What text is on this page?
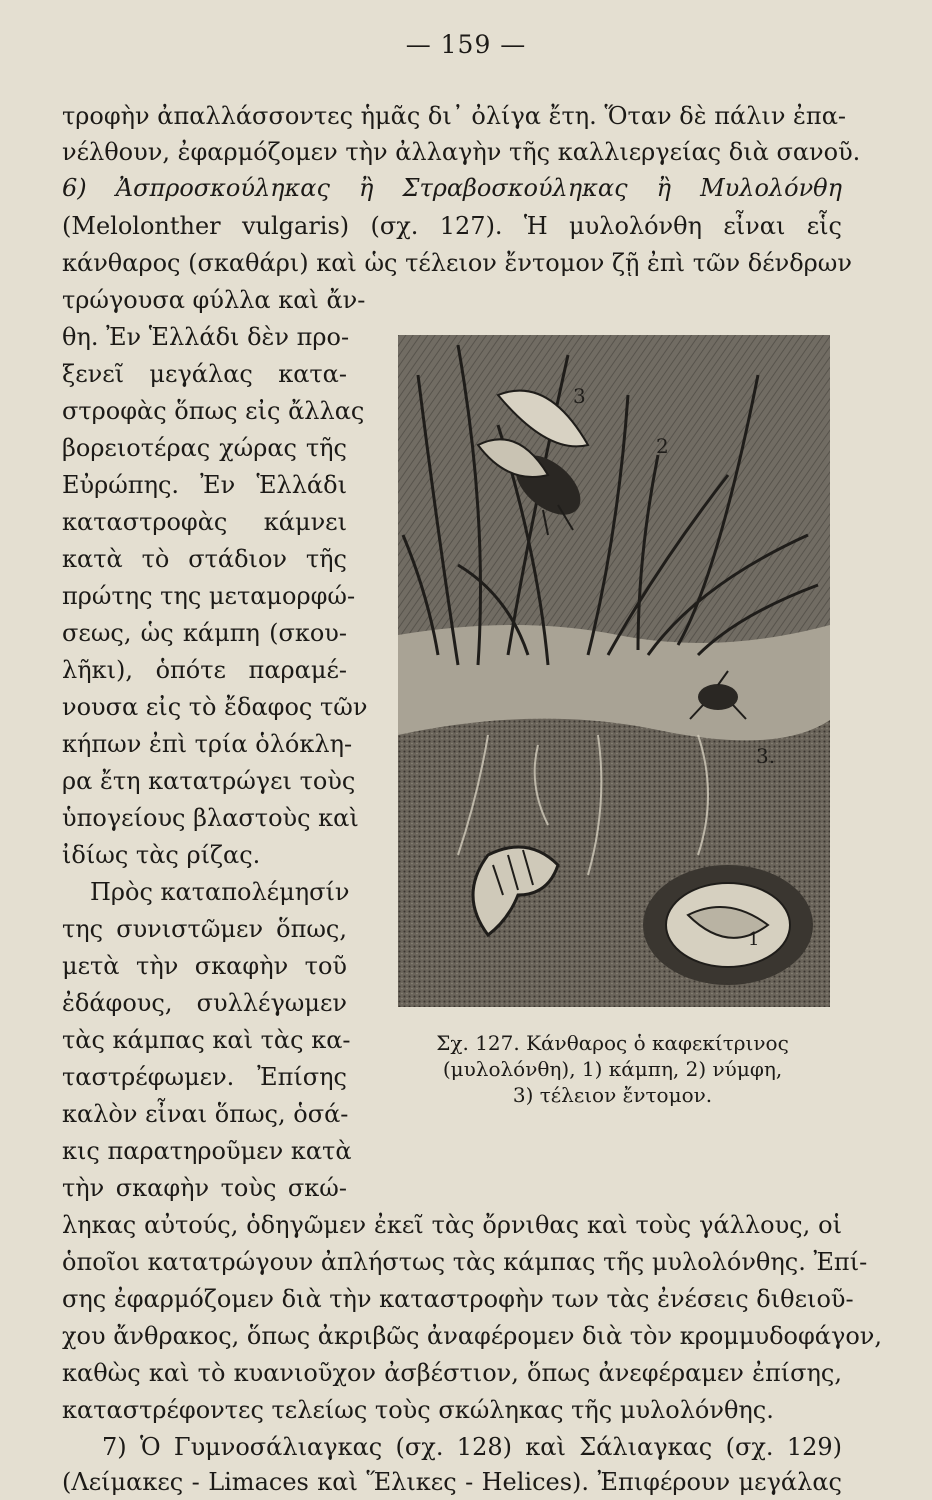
— 159 —
τροφὴν ἀπαλλάσσοντες ἡμᾶς δι᾽ ὀλίγα ἔτη. Ὅταν δὲ πάλιν ἐπα-
νέλθουν, ἐφαρμόζομεν τὴν ἀλλαγὴν τῆς καλλιεργείας διὰ σανοῦ.
6) Ἀσπροσκούληκας ἢ Στραβοσκούληκας ἢ Μυλολόνθη
(Melolonther vulgaris) (σχ. 127). Ἡ μυλολόνθη εἶναι εἷς
κάνθαρος (σκαθάρι) καὶ ὡς τέλειον ἔντομον ζῇ ἐπὶ τῶν δένδρων
τρώγουσα φύλλα καὶ ἄν-
θη. Ἐν Ἑλλάδι δὲν προ-
ξενεῖ μεγάλας κατα-
στροφὰς ὅπως εἰς ἄλλας
βορειοτέρας χώρας τῆς
Εὐρώπης. Ἐν Ἑλλάδι
καταστροφὰς κάμνει
κατὰ τὸ στάδιον τῆς
πρώτης της μεταμορφώ-
σεως, ὡς κάμπη (σκου-
λῆκι), ὁπότε παραμέ-
νουσα εἰς τὸ ἔδαφος τῶν
κήπων ἐπὶ τρία ὁλόκλη-
ρα ἔτη κατατρώγει τοὺς
ὑπογείους βλαστοὺς καὶ
ἰδίως τὰς ρίζας.
Πρὸς καταπολέμησίν
της συνιστῶμεν ὅπως,
μετὰ τὴν σκαφὴν τοῦ
ἐδάφους, συλλέγωμεν
τὰς κάμπας καὶ τὰς κα-
ταστρέφωμεν. Ἐπίσης
καλὸν εἶναι ὅπως, ὁσά-
κις παρατηροῦμεν κατὰ
τὴν σκαφὴν τοὺς σκώ-
3
2
3.
1
Σχ. 127. Κάνθαρος ὁ καφεκίτρινος
(μυλολόνθη), 1) κάμπη, 2) νύμφη,
3) τέλειον ἔντομον.
ληκας αὐτούς, ὁδηγῶμεν ἐκεῖ τὰς ὄρνιθας καὶ τοὺς γάλλους, οἱ
ὁποῖοι κατατρώγουν ἀπλήστως τὰς κάμπας τῆς μυλολόνθης. Ἐπί-
σης ἐφαρμόζομεν διὰ τὴν καταστροφὴν των τὰς ἐνέσεις διθειοῦ-
χου ἄνθρακος, ὅπως ἀκριβῶς ἀναφέρομεν διὰ τὸν κρομμυδοφάγον,
καθὼς καὶ τὸ κυανιοῦχον ἀσβέστιον, ὅπως ἀνεφέραμεν ἐπίσης,
καταστρέφοντες τελείως τοὺς σκώληκας τῆς μυλολόνθης.
7) Ὁ Γυμνοσάλιαγκας (σχ. 128) καὶ Σάλιαγκας (σχ. 129)
(Λείμακες - Limaces καὶ Ἕλικες - Helices). Ἐπιφέρουν μεγάλας
